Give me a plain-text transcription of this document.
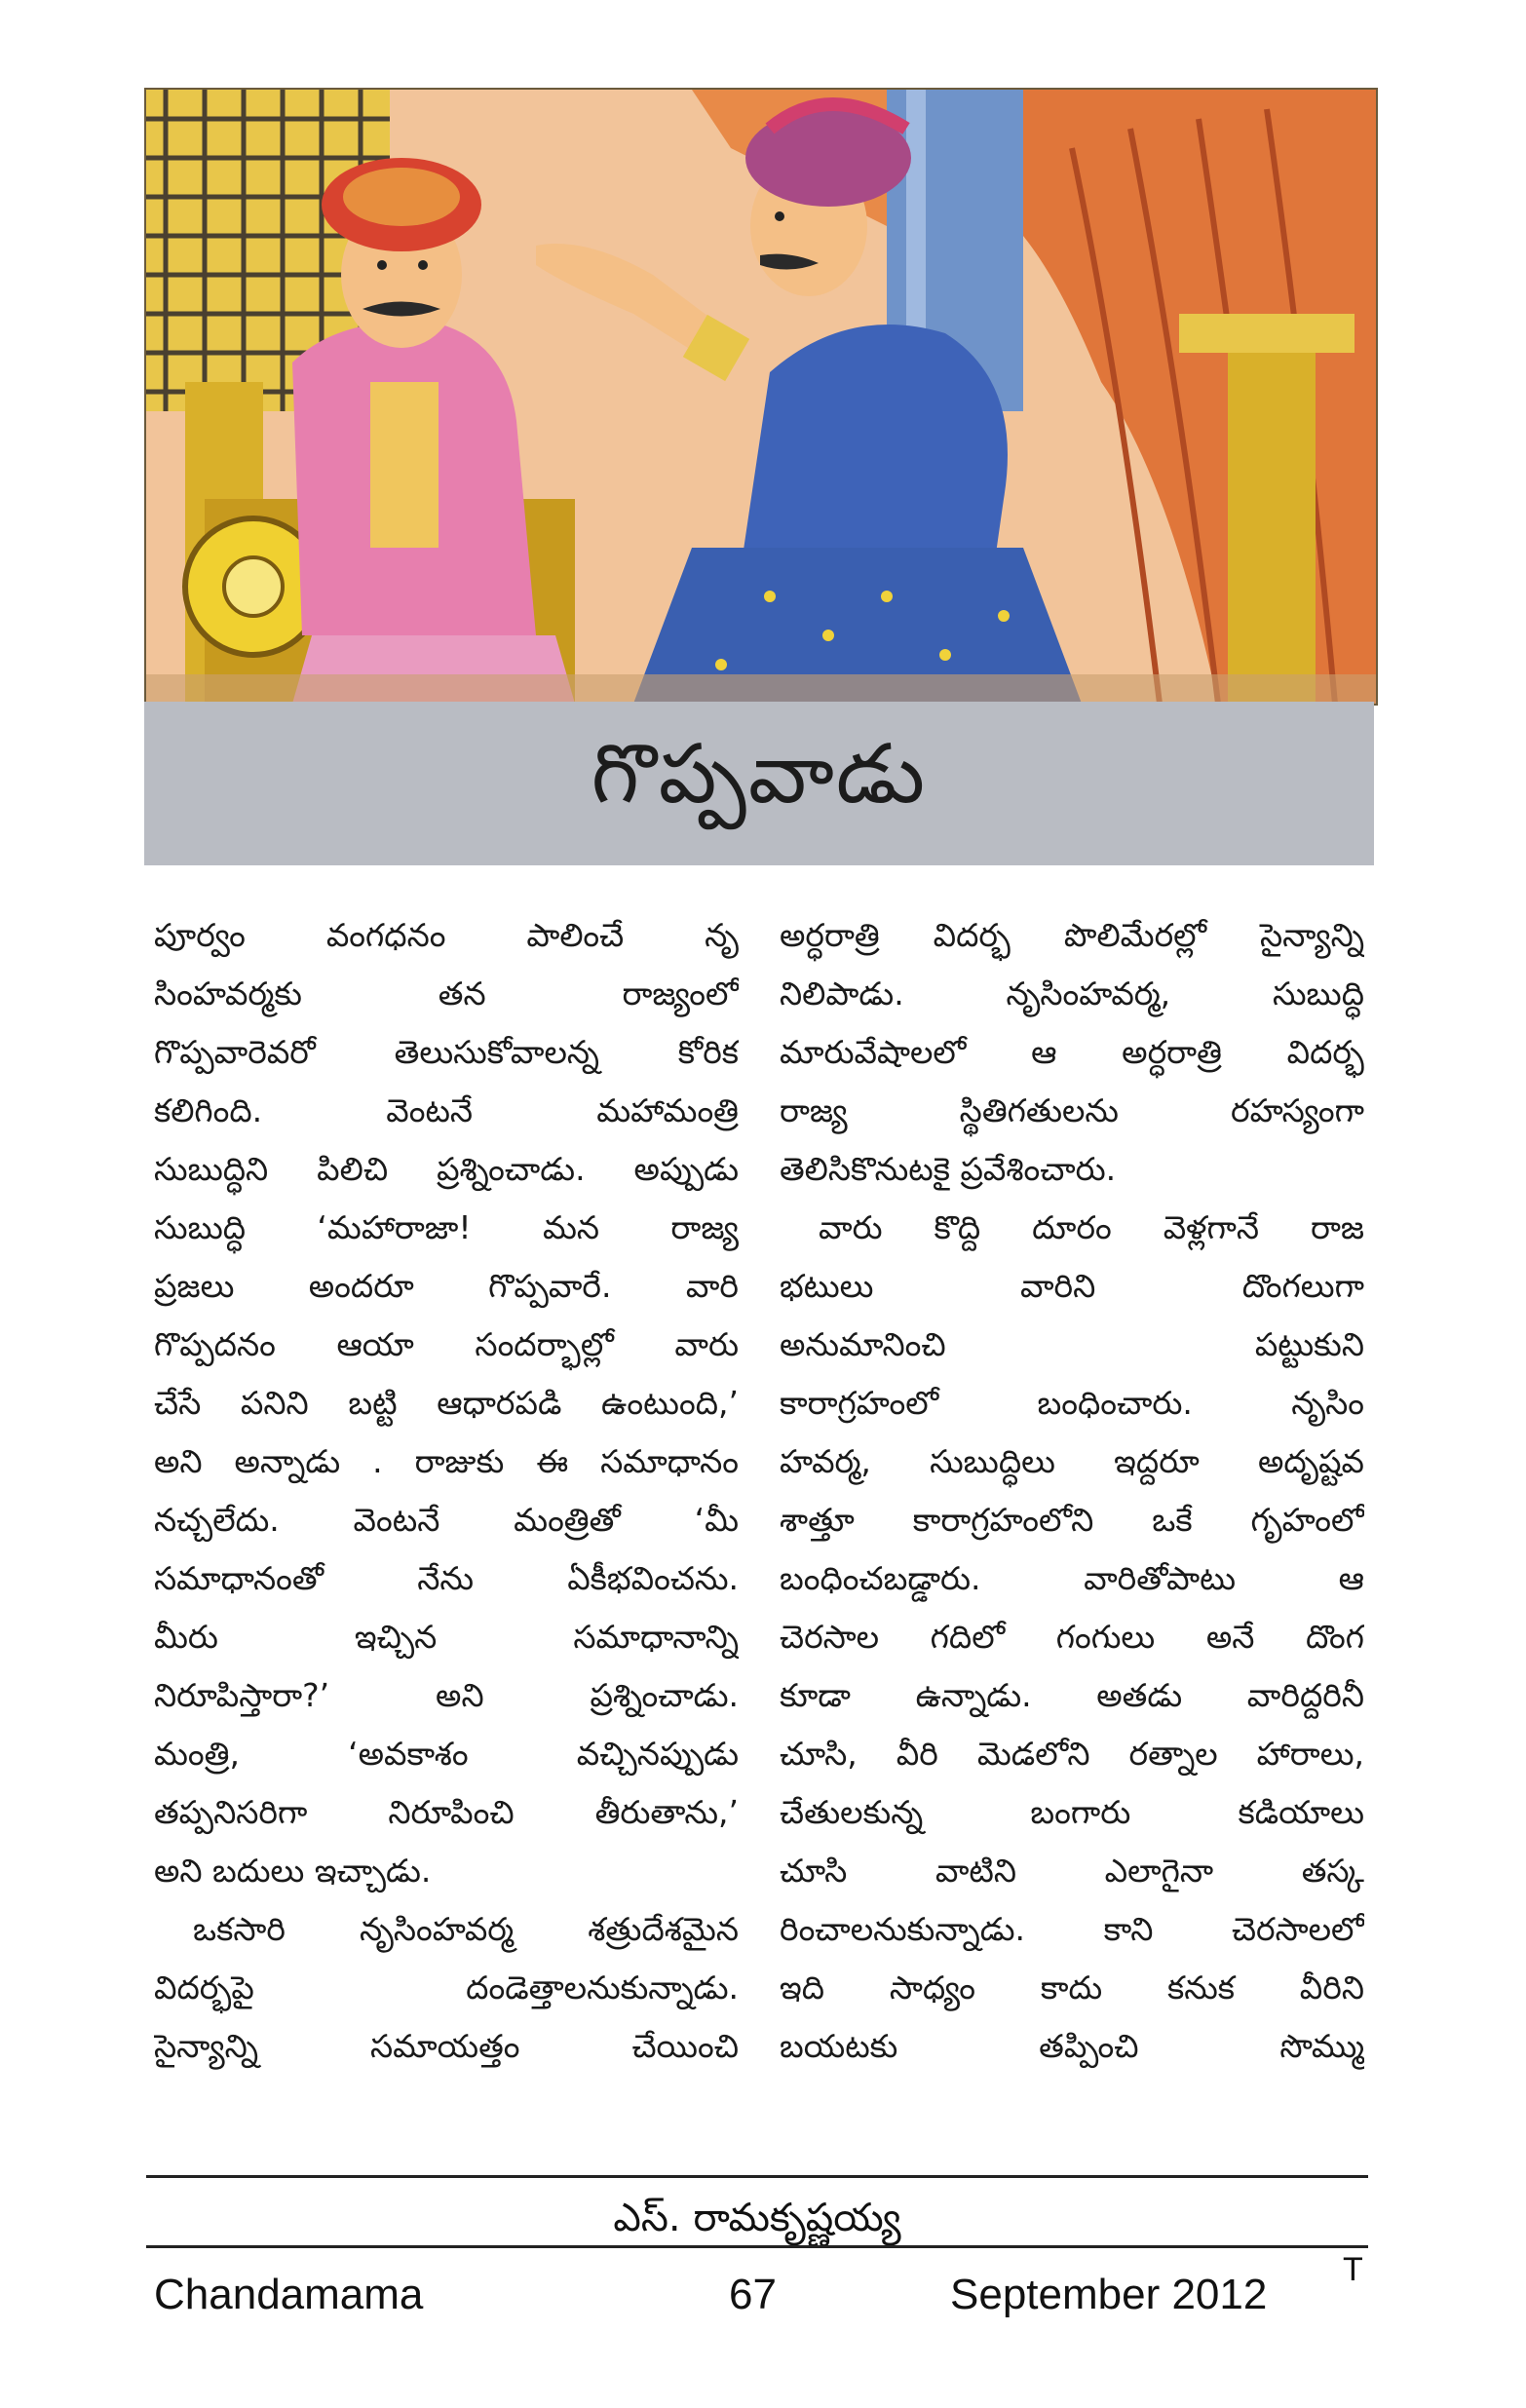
గొప్పవాడు
పూర్వం వంగధనం పాలించే నృ
సింహవర్మకు తన రాజ్యంలో
గొప్పవారెవరో తెలుసుకోవాలన్న కోరిక
కలిగింది. వెంటనే మహామంత్రి
సుబుద్ధిని పిలిచి ప్రశ్నించాడు. అప్పుడు
సుబుద్ధి ‘మహారాజా! మన రాజ్య
ప్రజలు అందరూ గొప్పవారే. వారి
గొప్పదనం ఆయా సందర్భాల్లో వారు
చేసే పనిని బట్టి ఆధారపడి ఉంటుంది,’
అని అన్నాడు . రాజుకు ఈ సమాధానం
నచ్చలేదు. వెంటనే మంత్రితో ‘మీ
సమాధానంతో నేను ఏకీభవించను.
మీరు ఇచ్చిన సమాధానాన్ని
నిరూపిస్తారా?’ అని ప్రశ్నించాడు.
మంత్రి, ‘అవకాశం వచ్చినప్పుడు
తప్పనిసరిగా నిరూపించి తీరుతాను,’
అని బదులు ఇచ్చాడు.
ఒకసారి నృసింహవర్మ శత్రుదేశమైన
విదర్భపై దండెత్తాలనుకున్నాడు.
సైన్యాన్ని సమాయత్తం చేయించి
అర్ధరాత్రి విదర్భ పొలిమేరల్లో సైన్యాన్ని
నిలిపాడు. నృసింహవర్మ, సుబుద్ధి
మారువేషాలలో ఆ అర్ధరాత్రి విదర్భ
రాజ్య స్థితిగతులను రహస్యంగా
తెలిసికొనుటకై ప్రవేశించారు.
వారు కొద్ది దూరం వెళ్లగానే రాజ
భటులు వారిని దొంగలుగా
అనుమానించి పట్టుకుని
కారాగ్రహంలో బంధించారు. నృసిం
హవర్మ, సుబుద్ధిలు ఇద్దరూ అదృష్టవ
శాత్తూ కారాగ్రహంలోని ఒకే గృహంలో
బంధించబడ్డారు. వారితోపాటు ఆ
చెరసాల గదిలో గంగులు అనే దొంగ
కూడా ఉన్నాడు. అతడు వారిద్దరినీ
చూసి, వీరి మెడలోని రత్నాల హారాలు,
చేతులకున్న బంగారు కడియాలు
చూసి వాటిని ఎలాగైనా తస్క
రించాలనుకున్నాడు. కాని చెరసాలలో
ఇది సాధ్యం కాదు కనుక వీరిని
బయటకు తప్పించి సొమ్ము
ఎస్. రామకృష్ణయ్య
Chandamama	67	September 2012
T
